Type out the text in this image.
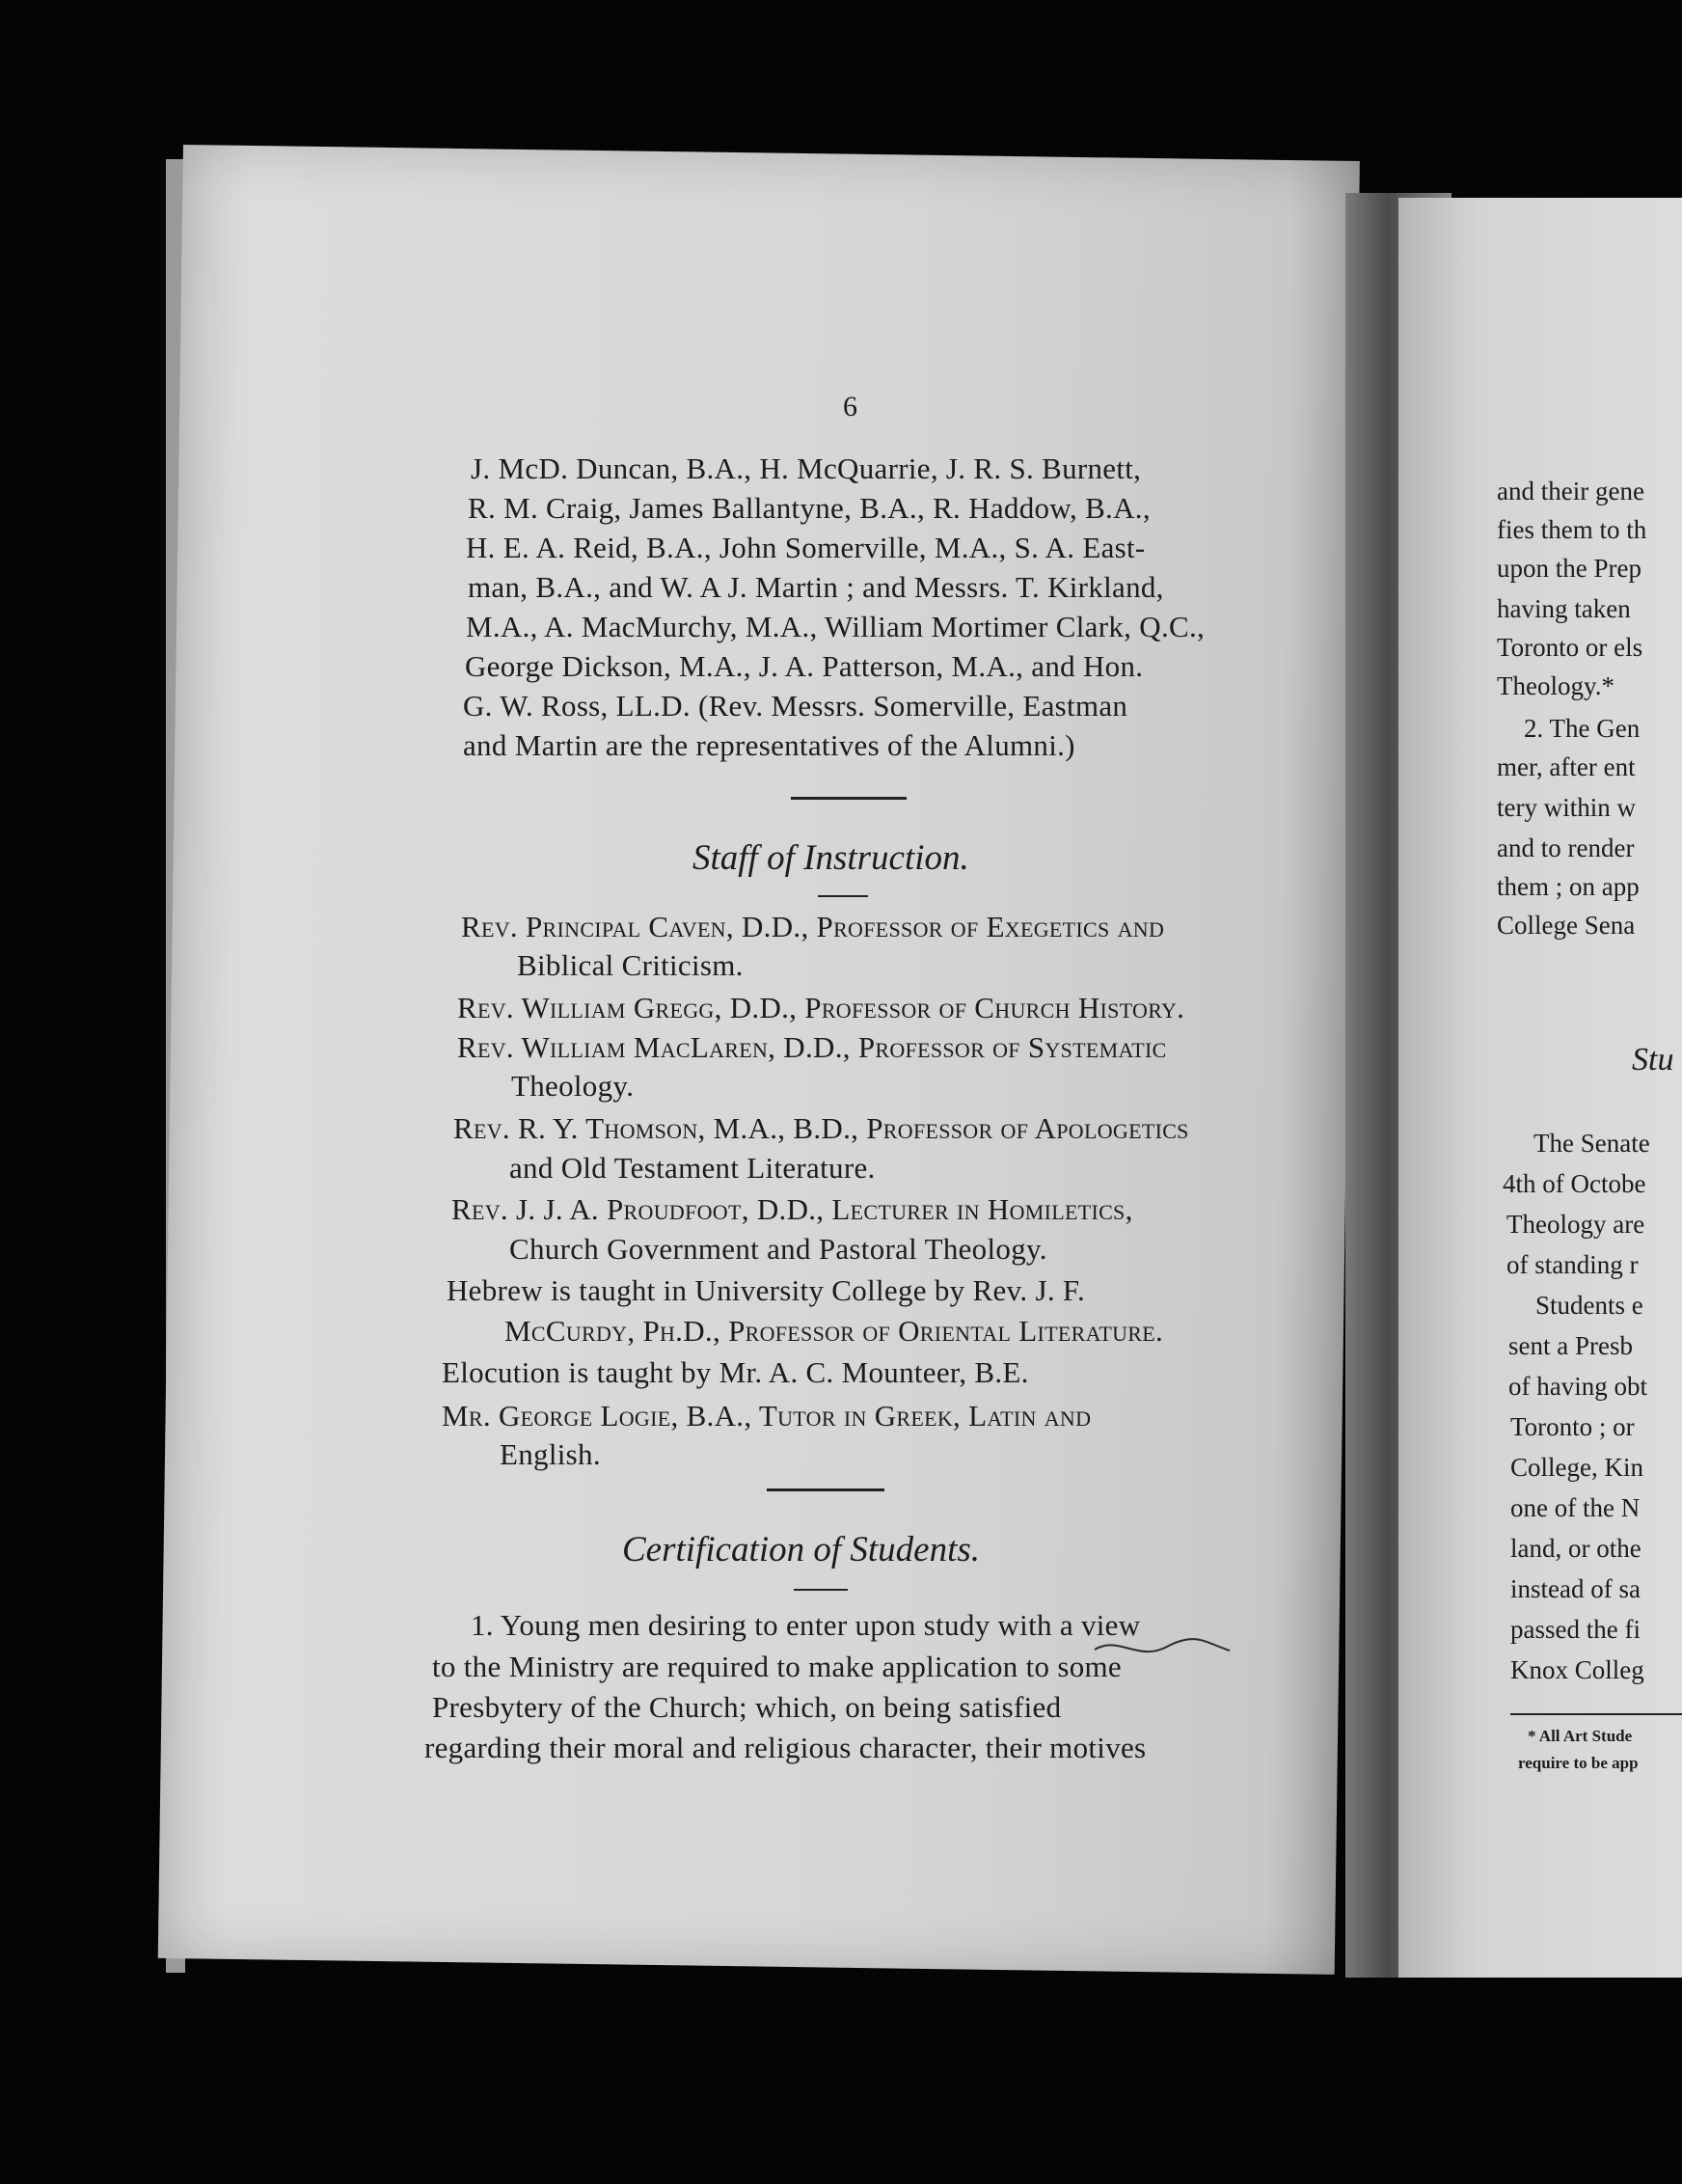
6
J. McD. Duncan, B.A., H. McQuarrie, J. R. S. Burnett,
R. M. Craig, James Ballantyne, B.A., R. Haddow, B.A.,
H. E. A. Reid, B.A., John Somerville, M.A., S. A. East-
man, B.A., and W. A J. Martin ; and Messrs. T. Kirkland,
M.A., A. MacMurchy, M.A., William Mortimer Clark, Q.C.,
George Dickson, M.A., J. A. Patterson, M.A., and Hon.
G. W. Ross, LL.D. (Rev. Messrs. Somerville, Eastman
and Martin are the representatives of the Alumni.)
Staff of Instruction.
Rev. Principal Caven, D.D., Professor of Exegetics and
Biblical Criticism.
Rev. William Gregg, D.D., Professor of Church History.
Rev. William MacLaren, D.D., Professor of Systematic
Theology.
Rev. R. Y. Thomson, M.A., B.D., Professor of Apologetics
and Old Testament Literature.
Rev. J. J. A. Proudfoot, D.D., Lecturer in Homiletics,
Church Government and Pastoral Theology.
Hebrew is taught in University College by Rev. J. F.
McCurdy, Ph.D., Professor of Oriental Literature.
Elocution is taught by Mr. A. C. Mounteer, B.E.
Mr. George Logie, B.A., Tutor in Greek, Latin and
English.
Certification of Students.
1. Young men desiring to enter upon study with a view
to the Ministry are required to make application to some
Presbytery of the Church; which, on being satisfied
regarding their moral and religious character, their motives
and their gene
fies them to th
upon the Prep
having taken
Toronto or els
Theology.*
2. The Gen
mer, after ent
tery within w
and to render
them ; on app
College Sena
Stu
The Senate
4th of Octobe
Theology are
of standing r
Students e
sent a Presb
of having obt
Toronto ; or
College, Kin
one of the N
land, or othe
instead of sa
passed the fi
Knox Colleg
* All Art Stude
require to be app
